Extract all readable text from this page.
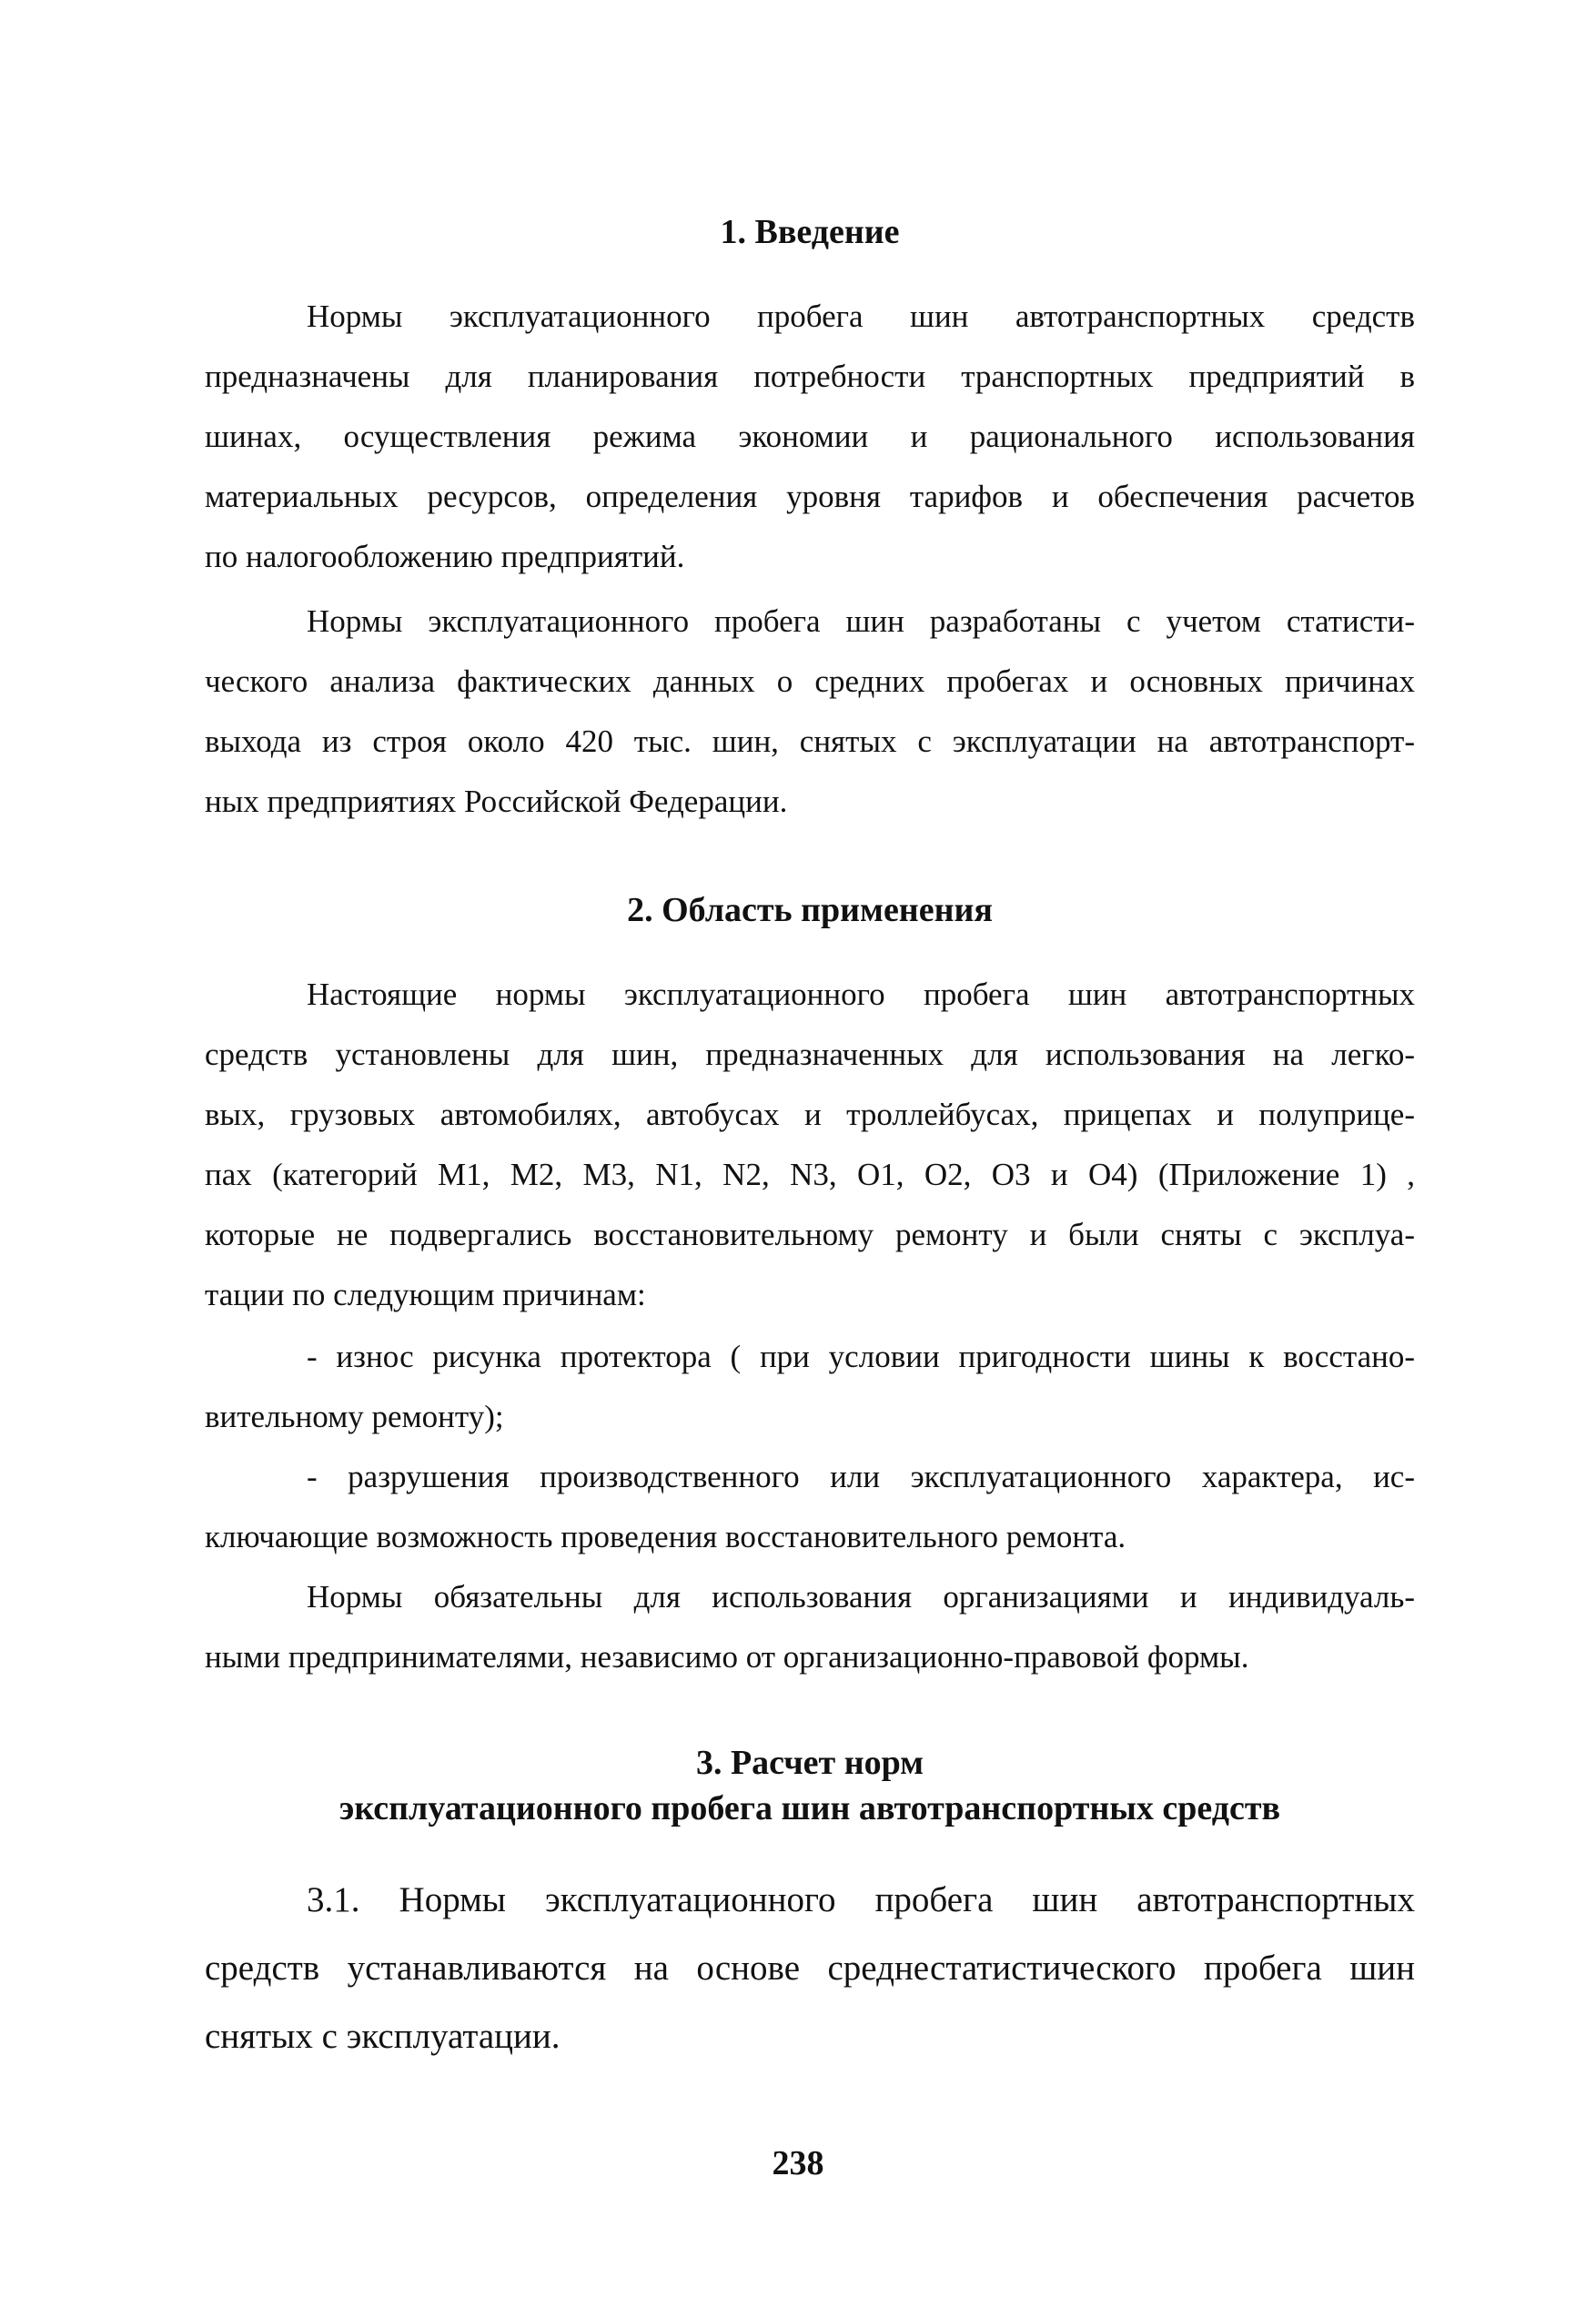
1. Введение
Нормы эксплуатационного пробега шин автотранспортных средств
предназначены для планирования потребности транспортных предприятий в
шинах, осуществления режима экономии и рационального использования
материальных ресурсов, определения уровня тарифов и обеспечения расчетов
по налогообложению предприятий.
Нормы эксплуатационного пробега шин разработаны с учетом статисти-
ческого анализа фактических данных о средних пробегах и основных причинах
выхода из строя около 420 тыс. шин, снятых с эксплуатации на автотранспорт-
ных предприятиях Российской Федерации.
2. Область применения
Настоящие нормы эксплуатационного пробега шин автотранспортных
средств установлены для шин, предназначенных для использования на легко-
вых, грузовых автомобилях, автобусах и троллейбусах, прицепах и полуприце-
пах (категорий М1, М2, М3, N1, N2, N3, O1, O2, O3 и O4) (Приложение 1) ,
которые не подвергались восстановительному ремонту и были сняты с эксплуа-
тации по следующим причинам:
- износ рисунка протектора ( при условии пригодности шины к восстано-
вительному ремонту);
- разрушения производственного или эксплуатационного характера, ис-
ключающие возможность проведения восстановительного ремонта.
Нормы обязательны для использования организациями и индивидуаль-
ными предпринимателями, независимо от организационно-правовой формы.
3. Расчет норм
эксплуатационного пробега шин автотранспортных средств
3.1. Нормы эксплуатационного пробега шин автотранспортных
средств устанавливаются на основе среднестатистического пробега шин
снятых с эксплуатации.

238
